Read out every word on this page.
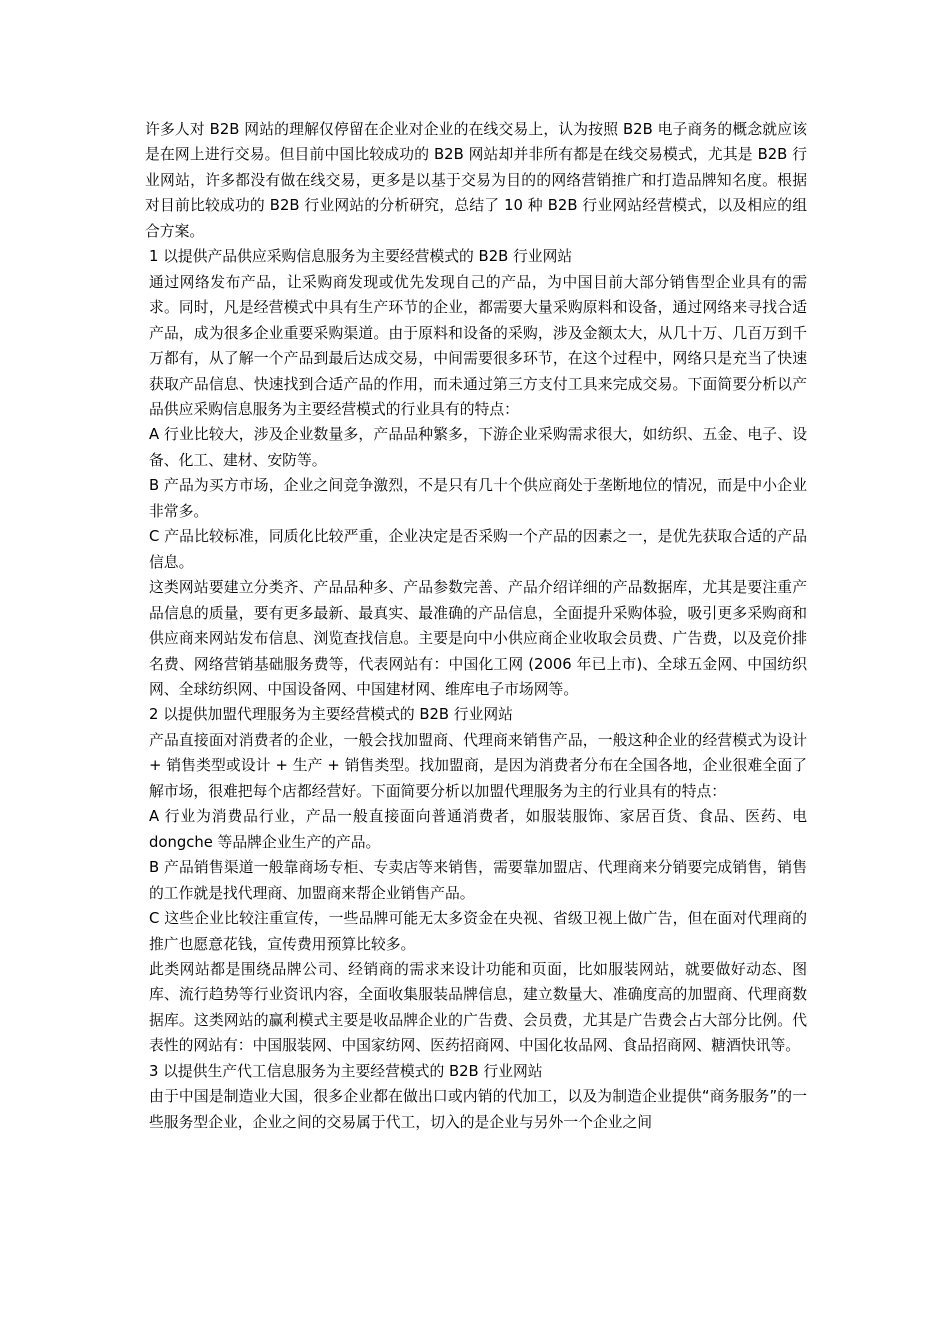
许多人对 B2B 网站的理解仅停留在企业对企业的在线交易上，认为按照 B2B 电子商务的概念就应该是在网上进行交易。但目前中国比较成功的 B2B 网站却并非所有都是在线交易模式，尤其是 B2B 行业网站，许多都没有做在线交易，更多是以基于交易为目的的网络营销推广和打造品牌知名度。根据对目前比较成功的 B2B 行业网站的分析研究，总结了 10 种 B2B 行业网站经营模式，以及相应的组合方案。

1 以提供产品供应采购信息服务为主要经营模式的 B2B 行业网站

通过网络发布产品，让采购商发现或优先发现自己的产品，为中国目前大部分销售型企业具有的需求。同时，凡是经营模式中具有生产环节的企业，都需要大量采购原料和设备，通过网络来寻找合适产品，成为很多企业重要采购渠道。由于原料和设备的采购，涉及金额太大，从几十万、几百万到千万都有，从了解一个产品到最后达成交易，中间需要很多环节，在这个过程中，网络只是充当了快速获取产品信息、快速找到合适产品的作用，而未通过第三方支付工具来完成交易。下面简要分析以产品供应采购信息服务为主要经营模式的行业具有的特点：

A 行业比较大，涉及企业数量多，产品品种繁多，下游企业采购需求很大，如纺织、五金、电子、设备、化工、建材、安防等。

B 产品为买方市场，企业之间竞争激烈，不是只有几十个供应商处于垄断地位的情况，而是中小企业非常多。

C 产品比较标准，同质化比较严重，企业决定是否采购一个产品的因素之一，是优先获取合适的产品信息。

这类网站要建立分类齐、产品品种多、产品参数完善、产品介绍详细的产品数据库，尤其是要注重产品信息的质量，要有更多最新、最真实、最准确的产品信息，全面提升采购体验，吸引更多采购商和供应商来网站发布信息、浏览查找信息。主要是向中小供应商企业收取会员费、广告费，以及竞价排名费、网络营销基础服务费等，代表网站有：中国化工网 (2006 年已上市)、全球五金网、中国纺织网、全球纺织网、中国设备网、中国建材网、维库电子市场网等。

2 以提供加盟代理服务为主要经营模式的 B2B 行业网站

产品直接面对消费者的企业，一般会找加盟商、代理商来销售产品，一般这种企业的经营模式为设计 + 销售类型或设计 + 生产 + 销售类型。找加盟商，是因为消费者分布在全国各地，企业很难全面了解市场，很难把每个店都经营好。下面简要分析以加盟代理服务为主的行业具有的特点：

A 行业为消费品行业，产品一般直接面向普通消费者，如服装服饰、家居百货、食品、医药、电 dongche 等品牌企业生产的产品。

B 产品销售渠道一般靠商场专柜、专卖店等来销售，需要靠加盟店、代理商来分销要完成销售，销售的工作就是找代理商、加盟商来帮企业销售产品。

C 这些企业比较注重宣传，一些品牌可能无太多资金在央视、省级卫视上做广告，但在面对代理商的推广也愿意花钱，宣传费用预算比较多。

此类网站都是围绕品牌公司、经销商的需求来设计功能和页面，比如服装网站，就要做好动态、图库、流行趋势等行业资讯内容，全面收集服装品牌信息，建立数量大、准确度高的加盟商、代理商数据库。这类网站的赢利模式主要是收品牌企业的广告费、会员费，尤其是广告费会占大部分比例。代表性的网站有：中国服装网、中国家纺网、医药招商网、中国化妆品网、食品招商网、糖酒快讯等。

3 以提供生产代工信息服务为主要经营模式的 B2B 行业网站

由于中国是制造业大国，很多企业都在做出口或内销的代加工，以及为制造企业提供“商务服务”的一些服务型企业，企业之间的交易属于代工，切入的是企业与另外一个企业之间
